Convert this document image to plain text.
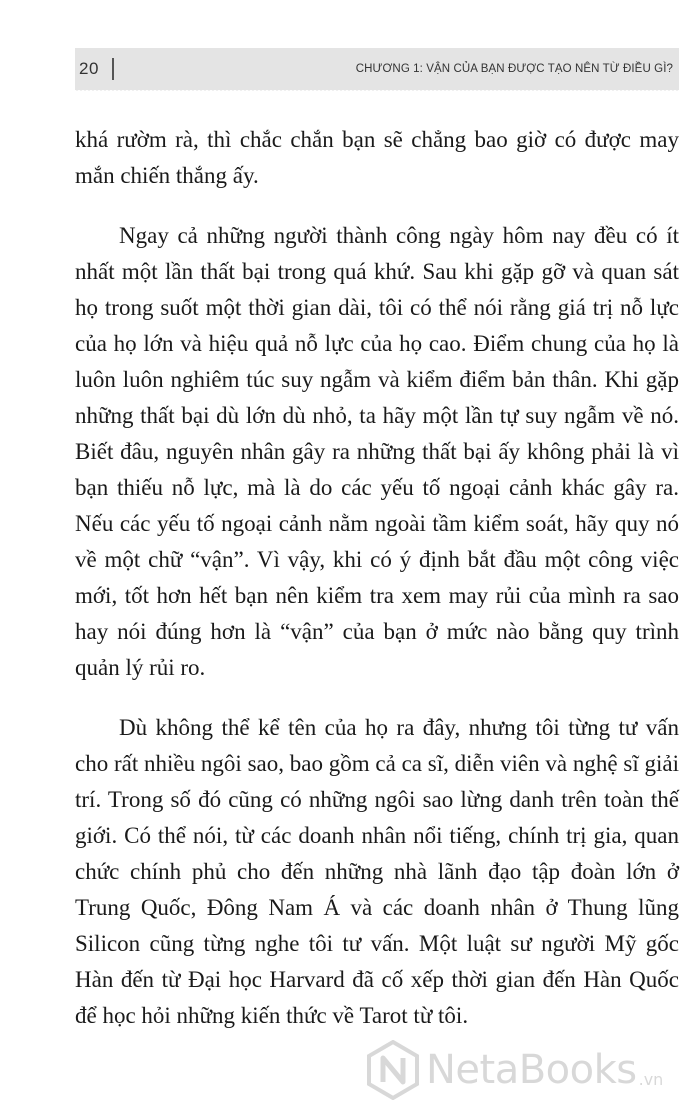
20	CHƯƠNG 1: VẬN CỦA BẠN ĐƯỢC TẠO NÊN TỪ ĐIỀU GÌ?

khá rườm rà, thì chắc chắn bạn sẽ chẳng bao giờ có được may mắn chiến thắng ấy.

Ngay cả những người thành công ngày hôm nay đều có ít nhất một lần thất bại trong quá khứ. Sau khi gặp gỡ và quan sát họ trong suốt một thời gian dài, tôi có thể nói rằng giá trị nỗ lực của họ lớn và hiệu quả nỗ lực của họ cao. Điểm chung của họ là luôn luôn nghiêm túc suy ngẫm và kiểm điểm bản thân. Khi gặp những thất bại dù lớn dù nhỏ, ta hãy một lần tự suy ngẫm về nó. Biết đâu, nguyên nhân gây ra những thất bại ấy không phải là vì bạn thiếu nỗ lực, mà là do các yếu tố ngoại cảnh khác gây ra. Nếu các yếu tố ngoại cảnh nằm ngoài tầm kiểm soát, hãy quy nó về một chữ “vận”. Vì vậy, khi có ý định bắt đầu một công việc mới, tốt hơn hết bạn nên kiểm tra xem may rủi của mình ra sao hay nói đúng hơn là “vận” của bạn ở mức nào bằng quy trình quản lý rủi ro.

Dù không thể kể tên của họ ra đây, nhưng tôi từng tư vấn cho rất nhiều ngôi sao, bao gồm cả ca sĩ, diễn viên và nghệ sĩ giải trí. Trong số đó cũng có những ngôi sao lừng danh trên toàn thế giới. Có thể nói, từ các doanh nhân nổi tiếng, chính trị gia, quan chức chính phủ cho đến những nhà lãnh đạo tập đoàn lớn ở Trung Quốc, Đông Nam Á và các doanh nhân ở Thung lũng Silicon cũng từng nghe tôi tư vấn. Một luật sư người Mỹ gốc Hàn đến từ Đại học Harvard đã cố xếp thời gian đến Hàn Quốc để học hỏi những kiến thức về Tarot từ tôi.

NetaBooks .vn
